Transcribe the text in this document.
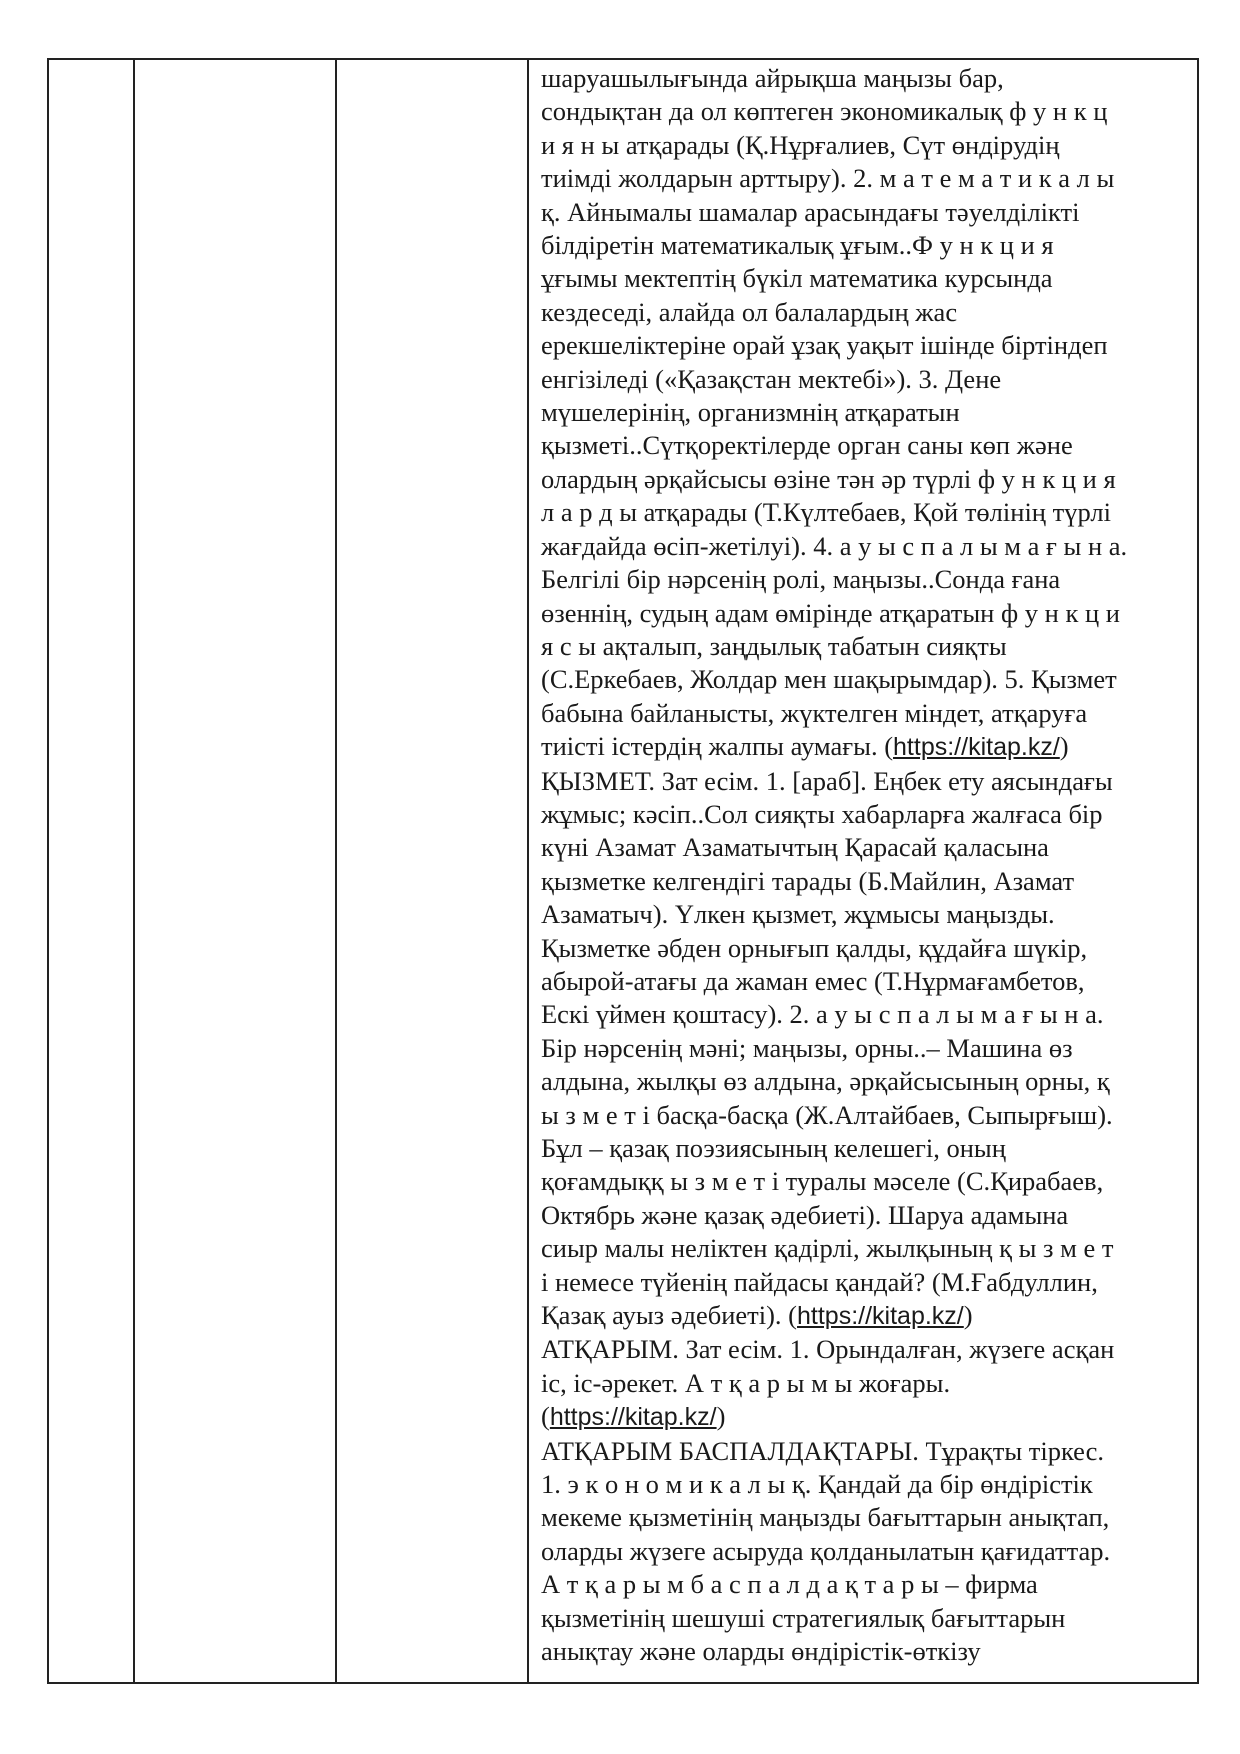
шаруашылығында айрықша маңызы бар,
сондықтан да ол көптеген экономикалық ф у н к ц
и я н ы атқарады (Қ.Нұрғалиев, Сүт өндірудің
тиімді жолдарын арттыру). 2. м а т е м а т и к а л ы
қ. Айнымалы шамалар арасындағы тәуелділікті
білдіретін математикалық ұғым..Ф у н к ц и я
ұғымы мектептің бүкіл математика курсында
кездеседі, алайда ол балалардың жас
ерекшеліктеріне орай ұзақ уақыт ішінде біртіндеп
енгізіледі («Қазақстан мектебі»). 3. Дене
мүшелерінің, организмнің атқаратын
қызметі..Сүтқоректілерде орган саны көп және
олардың әрқайсысы өзіне тән әр түрлі ф у н к ц и я
л а р д ы атқарады (Т.Күлтебаев, Қой төлінің түрлі
жағдайда өсіп-жетілуі). 4. а у ы с п а л ы м а ғ ы н а.
Белгілі бір нәрсенің ролі, маңызы..Сонда ғана
өзеннің, судың адам өмірінде атқаратын ф у н к ц и
я с ы ақталып, заңдылық табатын сияқты
(С.Еркебаев, Жолдар мен шақырымдар). 5. Қызмет
бабына байланысты, жүктелген міндет, атқаруға
тиісті істердің жалпы аумағы. (https://kitap.kz/)
ҚЫЗМЕТ. Зат есім. 1. [араб]. Еңбек ету аясындағы
жұмыс; кәсіп..Сол сияқты хабарларға жалғаса бір
күні Азамат Азаматычтың Қарасай қаласына
қызметке келгендігі тарады (Б.Майлин, Азамат
Азаматыч). Үлкен қызмет, жұмысы маңызды.
Қызметке әбден орнығып қалды, құдайға шүкір,
абырой-атағы да жаман емес (Т.Нұрмағамбетов,
Ескі үймен қоштасу). 2. а у ы с п а л ы м а ғ ы н а.
Бір нәрсенің мәні; маңызы, орны..– Машина өз
алдына, жылқы өз алдына, әрқайсысының орны, қ
ы з м е т і басқа-басқа (Ж.Алтайбаев, Сыпырғыш).
Бұл – қазақ поэзиясының келешегі, оның
қоғамдыққ ы з м е т і туралы мәселе (С.Қирабаев,
Октябрь және қазақ әдебиеті). Шаруа адамына
сиыр малы неліктен қадірлі, жылқының қ ы з м е т
і немесе түйенің пайдасы қандай? (М.Ғабдуллин,
Қазақ ауыз әдебиеті). (https://kitap.kz/)
АТҚАРЫМ. Зат есім. 1. Орындалған, жүзеге асқан
іс, іс-әрекет. А т қ а р ы м ы жоғары.
(https://kitap.kz/)
АТҚАРЫМ БАСПАЛДАҚТАРЫ. Тұрақты тіркес.
1. э к о н о м и к а л ы қ. Қандай да бір өндірістік
мекеме қызметінің маңызды бағыттарын анықтап,
оларды жүзеге асыруда қолданылатын қағидаттар.
А т қ а р ы м б а с п а л д а қ т а р ы – фирма
қызметінің шешуші стратегиялық бағыттарын
анықтау және оларды өндірістік-өткізу
